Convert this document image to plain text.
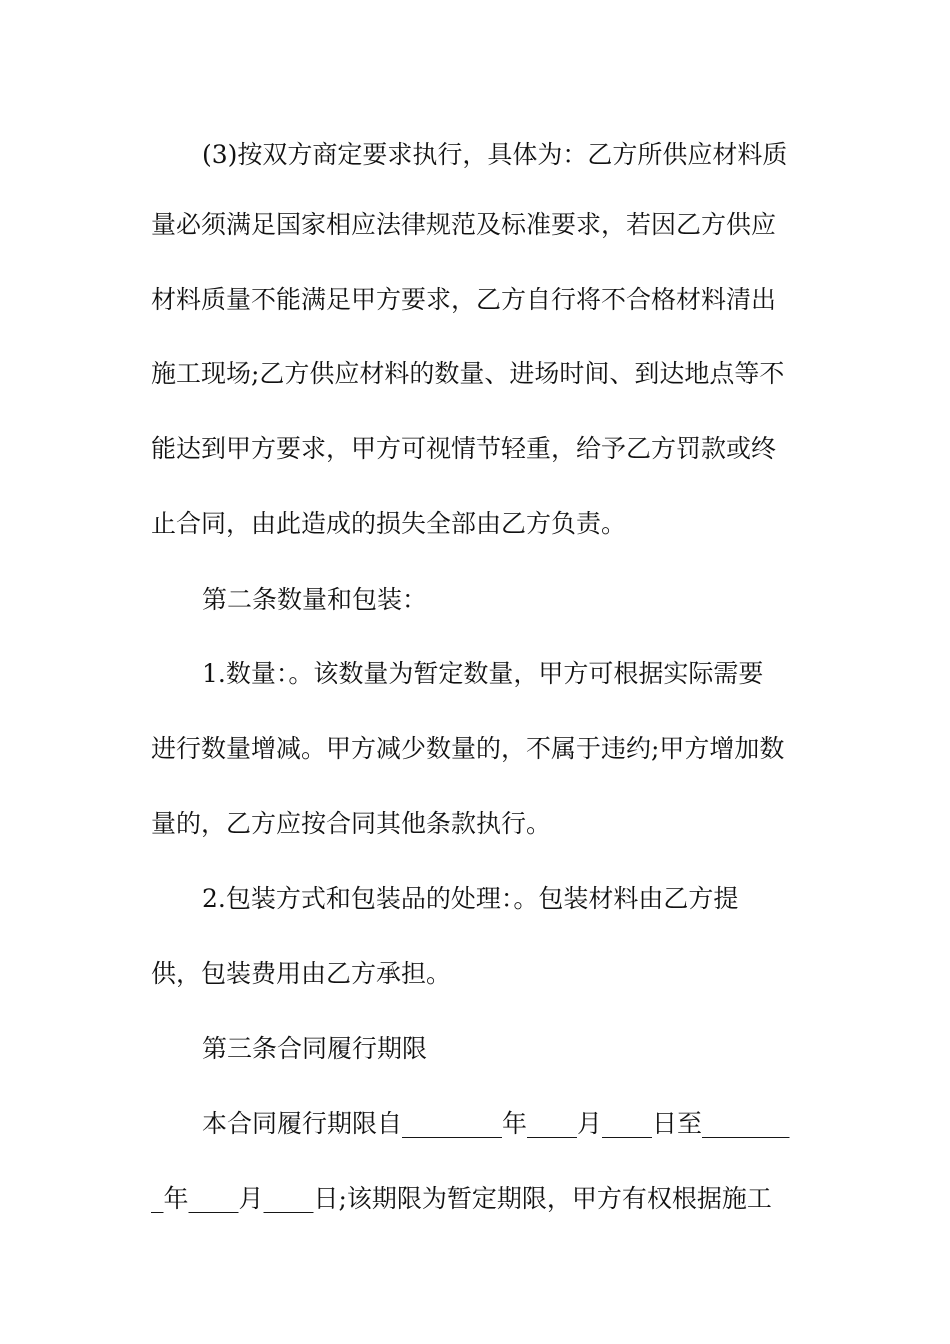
(3)按双方商定要求执行，具体为：乙方所供应材料质
量必须满足国家相应法律规范及标准要求，若因乙方供应
材料质量不能满足甲方要求，乙方自行将不合格材料清出
施工现场;乙方供应材料的数量、进场时间、到达地点等不
能达到甲方要求，甲方可视情节轻重，给予乙方罚款或终
止合同，由此造成的损失全部由乙方负责。
第二条数量和包装：
1.数量：。该数量为暂定数量，甲方可根据实际需要
进行数量增减。甲方减少数量的，不属于违约;甲方增加数
量的，乙方应按合同其他条款执行。
2.包装方式和包装品的处理：。包装材料由乙方提
供，包装费用由乙方承担。
第三条合同履行期限
本合同履行期限自________年____月____日至_______
_年____月____日;该期限为暂定期限，甲方有权根据施工
